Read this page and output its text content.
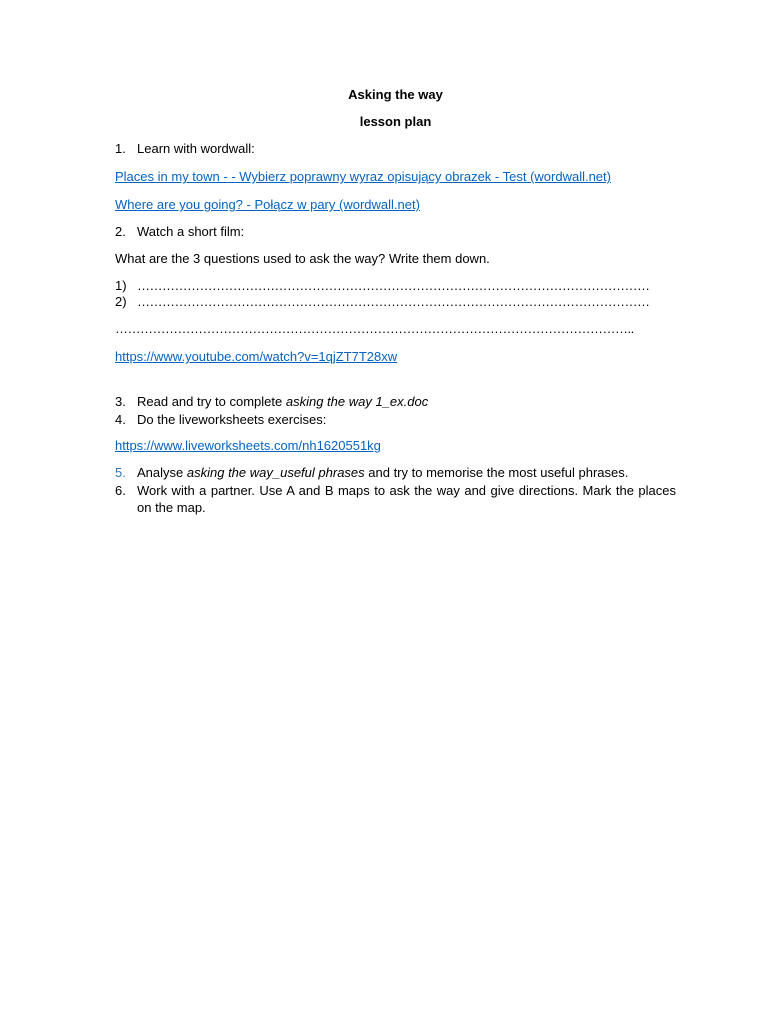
Asking the way
lesson plan
1. Learn with wordwall:
Places in my town - - Wybierz poprawny wyraz opisujący obrazek - Test (wordwall.net)
Where are you going? - Połącz w pary (wordwall.net)
2. Watch a short film:
What are the 3 questions used to ask the way? Write them down.
1) ……………………………………………………………………………………………………………
2) ……………………………………………………………………………………………………………
……………………………………………………………………………………………………………..
https://www.youtube.com/watch?v=1qjZT7T28xw
3. Read and try to complete asking the way 1_ex.doc
4. Do the liveworksheets exercises:
https://www.liveworksheets.com/nh1620551kg
5. Analyse asking the way_useful phrases and try to memorise the most useful phrases.
6. Work with a partner. Use A and B maps to ask the way and give directions. Mark the places on the map.
